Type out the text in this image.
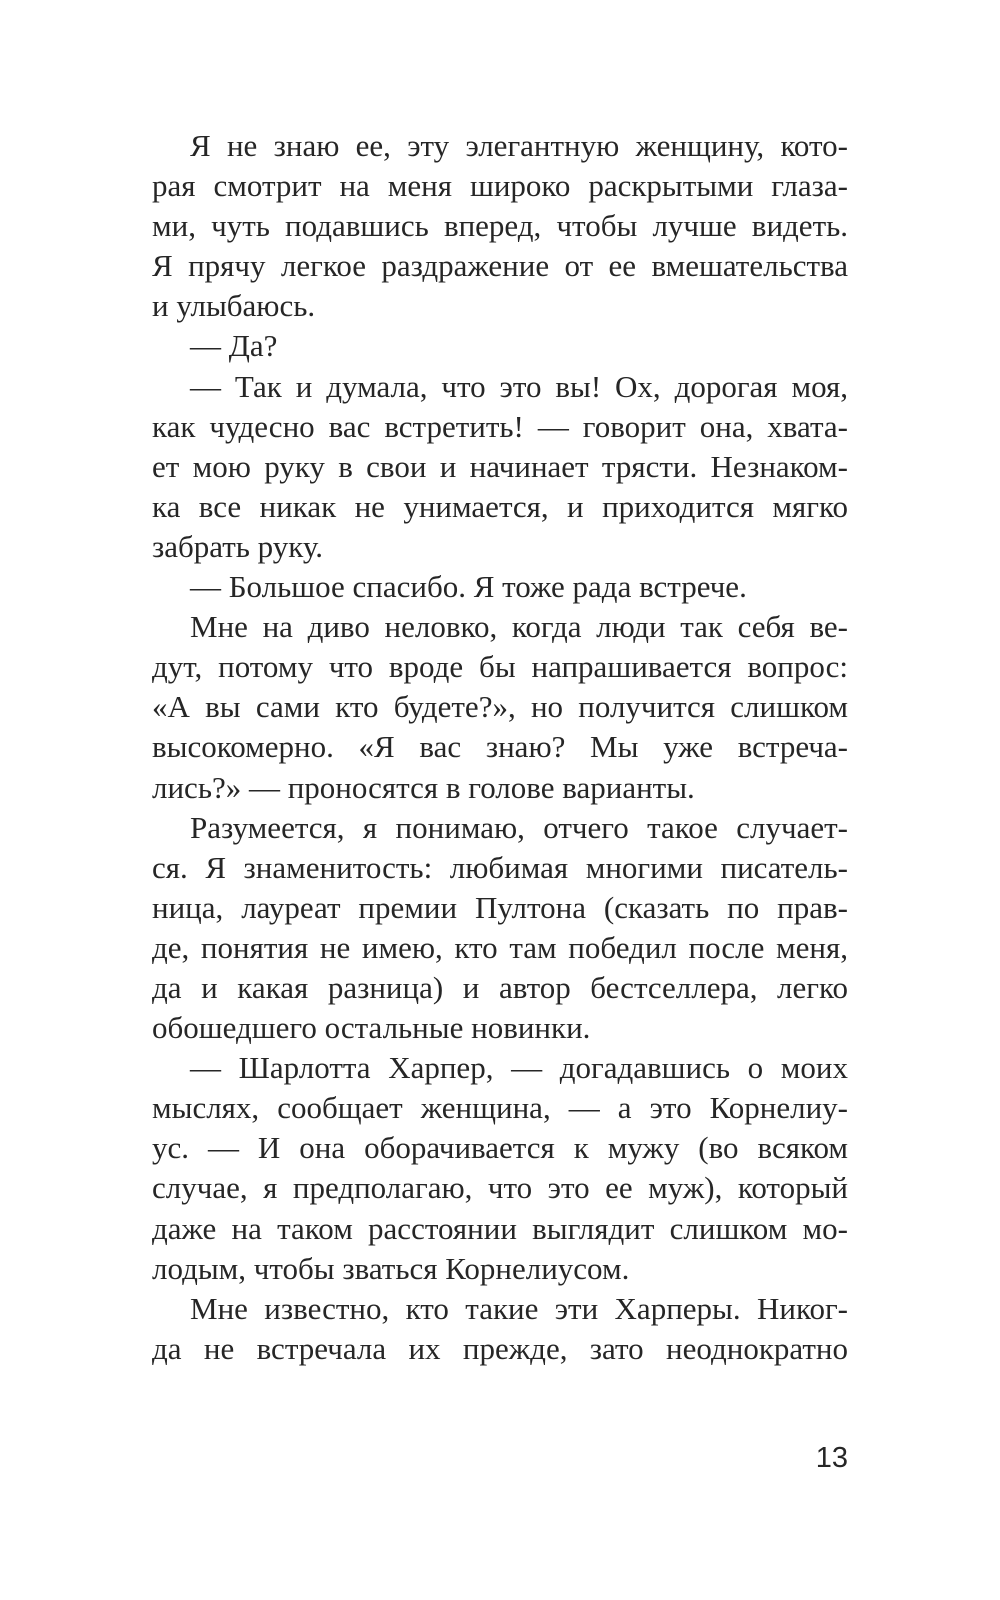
Я не знаю ее, эту элегантную женщину, кото-
рая смотрит на меня широко раскрытыми глаза-
ми, чуть подавшись вперед, чтобы лучше видеть.
Я прячу легкое раздражение от ее вмешательства
и улыбаюсь.
— Да?
— Так и думала, что это вы! Ох, дорогая моя,
как чудесно вас встретить! — говорит она, хвата-
ет мою руку в свои и начинает трясти. Незнаком-
ка все никак не унимается, и приходится мягко
забрать руку.
— Большое спасибо. Я тоже рада встрече.
Мне на диво неловко, когда люди так себя ве-
дут, потому что вроде бы напрашивается вопрос:
«А вы сами кто будете?», но получится слишком
высокомерно. «Я вас знаю? Мы уже встреча-
лись?» — проносятся в голове варианты.
Разумеется, я понимаю, отчего такое случает-
ся. Я знаменитость: любимая многими писатель-
ница, лауреат премии Пултона (сказать по прав-
де, понятия не имею, кто там победил после меня,
да и какая разница) и автор бестселлера, легко
обошедшего остальные новинки.
— Шарлотта Харпер, — догадавшись о моих
мыслях, сообщает женщина, — а это Корнелиу-
ус. — И она оборачивается к мужу (во всяком
случае, я предполагаю, что это ее муж), который
даже на таком расстоянии выглядит слишком мо-
лодым, чтобы зваться Корнелиусом.
Мне известно, кто такие эти Харперы. Никог-
да не встречала их прежде, зато неоднократно
13
